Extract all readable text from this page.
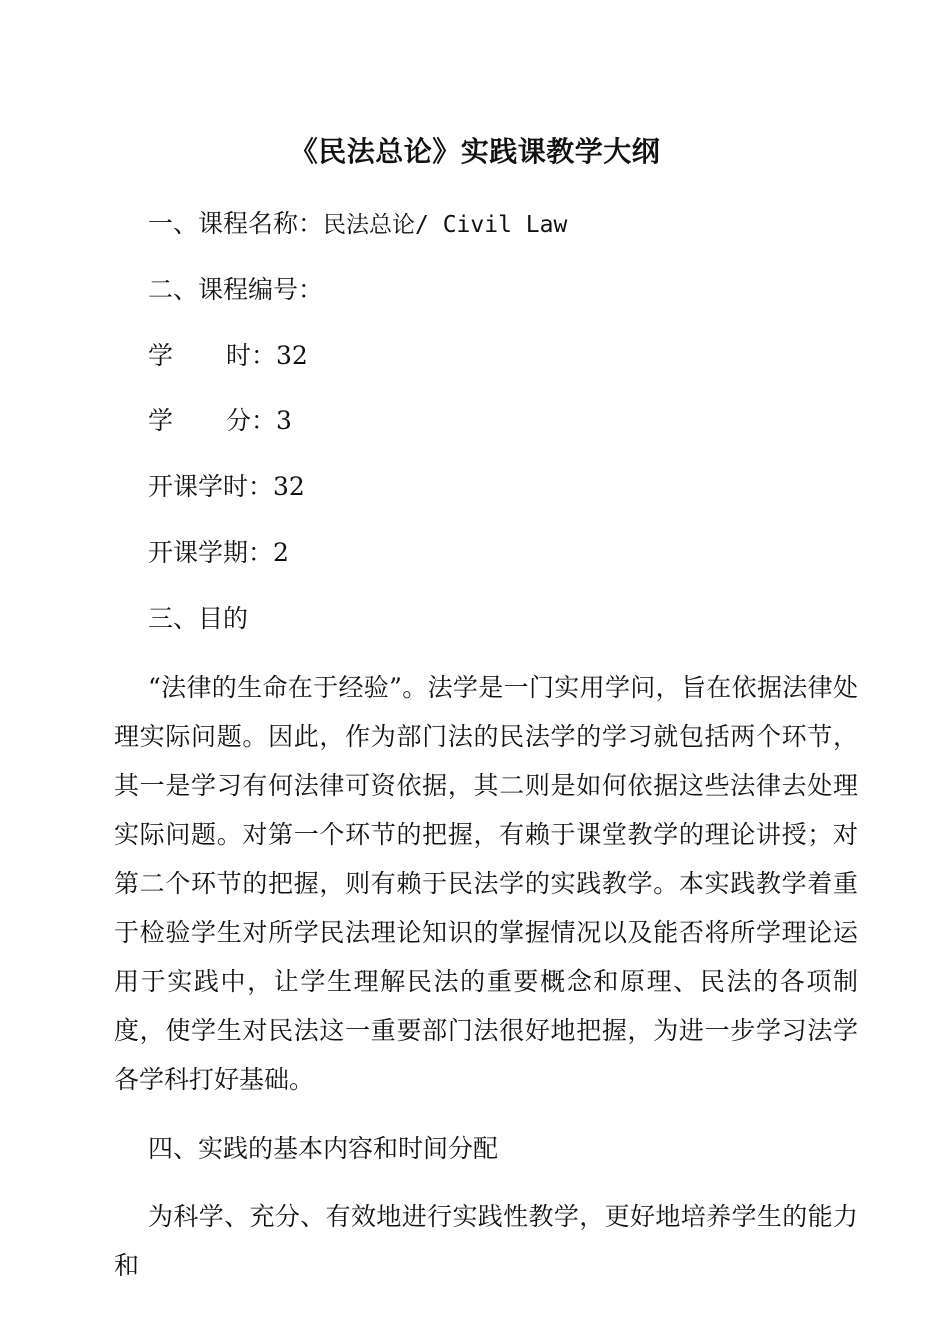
《民法总论》实践课教学大纲
一、课程名称：民法总论/ Civil Law
二、课程编号：
学 时：32
学 分：3
开课学时：32
开课学期：2
三、目的
“法律的生命在于经验”。法学是一门实用学问，旨在依据法律处理实际问题。因此，作为部门法的民法学的学习就包括两个环节，其一是学习有何法律可资依据，其二则是如何依据这些法律去处理实际问题。对第一个环节的把握，有赖于课堂教学的理论讲授；对第二个环节的把握，则有赖于民法学的实践教学。本实践教学着重于检验学生对所学民法理论知识的掌握情况以及能否将所学理论运用于实践中，让学生理解民法的重要概念和原理、民法的各项制度，使学生对民法这一重要部门法很好地把握，为进一步学习法学各学科打好基础。
四、实践的基本内容和时间分配
为科学、充分、有效地进行实践性教学，更好地培养学生的能力和
